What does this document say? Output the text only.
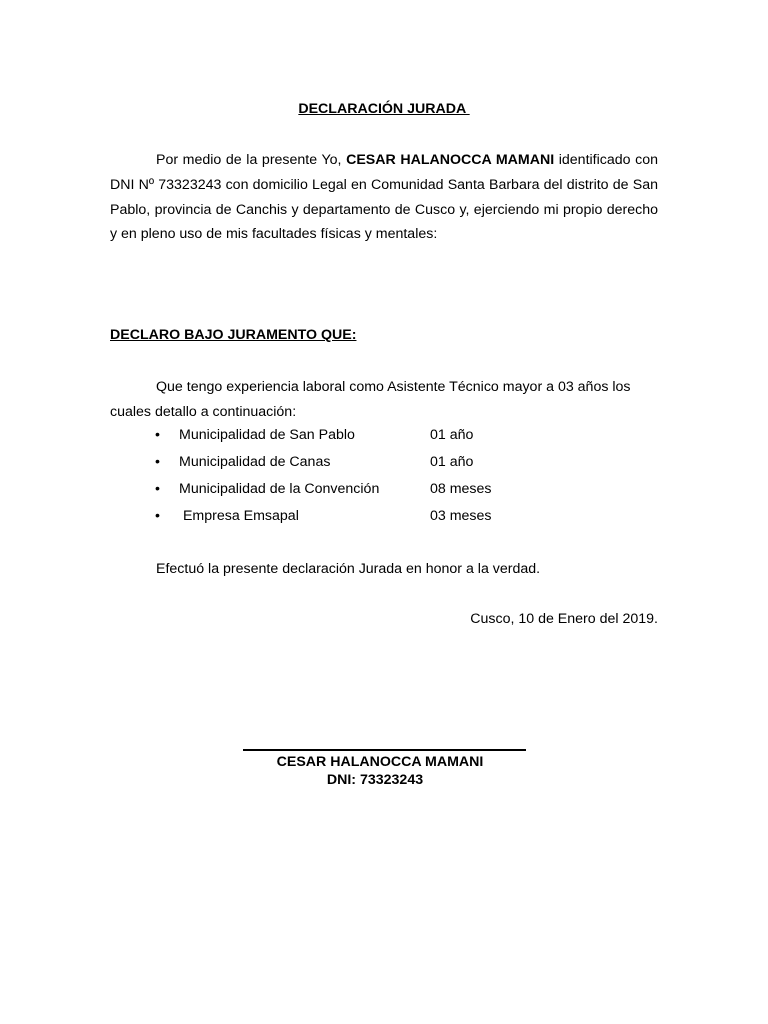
DECLARACIÓN JURADA

Por medio de la presente Yo, CESAR HALANOCCA MAMANI identificado con DNI Nº 73323243 con domicilio Legal en Comunidad Santa Barbara del distrito de San Pablo, provincia de Canchis y departamento de Cusco y, ejerciendo mi propio derecho y en pleno uso de mis facultades físicas y mentales:

DECLARO BAJO JURAMENTO QUE:

Que tengo experiencia laboral como Asistente Técnico mayor a 03 años los cuales detallo a continuación:

• Municipalidad de San Pablo	01 año
• Municipalidad de Canas	01 año
• Municipalidad de la Convención	08 meses
• Empresa Emsapal	03 meses
Efectuó la presente declaración Jurada en honor a la verdad.
Cusco, 10 de Enero del 2019.
CESAR HALANOCCA MAMANI
DNI: 73323243
